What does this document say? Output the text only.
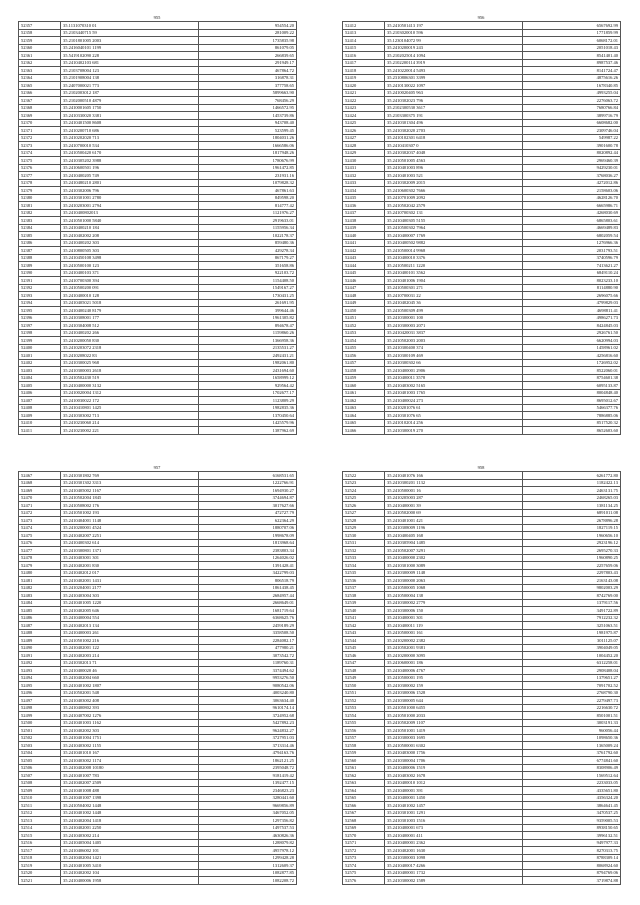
955
52357	35.1131070310 01	954554.20
52358	35.2103440715 59	281009.22
52359	35.2101801005 2003	1735835.98
52360	35.2416040101 1199	861079.05
52361	35.5419102090 228	266839.65
52362	35.2410402103 681	291949.17
52363	35.2103708004 123	467864.72
52364	35.2101908004 138	316878.31
52365	35.2407000021 773	377758.65
52366	35.2102003012 187	5899663.90
52367	35.2102000510 4879	768456.29
52368	35.2410001605 1750	1466572.95
52369	35.2410330020 3381	1453739.86
52370	35.2410401500 8608	943708.40
52371	35.2410200710 686	523599.45
52372	35.2410202020 713	1804031.26
52373	35.2410700010 534	1666586.06
52374	35.2410500420 6170	1817948.26
52375	35.2410305202 3988	1780676.99
52376	35.2410600501 196	1961472.85
52377	35.2410400205 749	231931.16
52378	35.2410480210 2801	1079828.32
52379	35.2410302006 796	467861.63
52380	35.2410301001 2780	849598.20
52381	35.2410203001 2794	814777.42
52382	35.2410400802013	1121976.27
52383	35.2410501000 5840	2919633.01
52384	35.2410400210 184	1155956.34
52385	35.2410402002 208	1022178.37
52386	35.2410400202 303	859480.36
52387	35.2410800505 303	429278.34
52388	35.2410450108 3498	867179.27
52389	35.2410500100 123	351658.86
52390	35.2410400103 371	922103.72
52391	35.2410700300 394	1154408.50
52392	35.2410500200 091	1549167.27
52393	35.2410400010 128	1730431.25
52394	35.2410405021 5018	261691.95
52395	35.2410400240 8179	399644.46
52396	35.2410308001 177	1961305.82
52397	35.2410304008 512	894678.47
52398	35.2410400202 266	1159860.26
52399	35.2410200050 830	1366958.36
52400	35.2410203072 2318	2135531.27
52401	35.2410208022 83	2492431.21
52402	35.2410300025 968	1982061.80
52403	35.2410300003 2618	2431694.60
52404	35.2410502430 519	1658999.12
52405	35.2410400000 3132	929564.42
52406	35.2410020004 1312	1702677.17
52407	35.2410030022 172	1123809.29
52408	35.2410410801 1425	1982835.36
52409	35.2410303002 713	1370450.64
52410	35.2410230060 214	1425579.96
52411	35.2410230002 221	1387962.69
956
52412	35.2410501413 197	6567692.99
52413	35.2103020010 596	1771859.99
52414	35.1230104072 99	6068172.01
52415	35.2410200019 243	2051018.43
52416	35.2102025014 1094	8541401.40
52417	35.2102200114 3919	8987537.46
52418	35.2410220014 5493	8141724.47
52419	35.2310806301 3399	4875616.26
52420	35.2410130022 1097	1678340.85
52421	35.2410020405 963	4993255.04
52422	35.2410302023 796	2276063.72
52423	35.2102300530 3617	7680766.84
52424	35.2103300375 191	3899716.79
52425	35.2410301304 496	6608682.00
52426	35.2410302020 2703	2309746.04
52427	35.2410102301 6418	549987.22
52428	35.2410410307 0	3901600.78
52429	35.2410302037 4048	8020892.44
52430	35.2410501005 4563	2969460.39
52431	35.2410401003 896	9429230.01
52432	35.2410401003 521	3768036.27
52433	35.2410302009 2015	4272012.86
52434	35.2410600302 7666	2158603.06
52435	35.2410701009 2092	4628126.70
52436	35.2410502042 2579	6665986.71
52437	35.2410700302 131	4268030.69
52438	35.2410400305 5155	6865803.61
52439	35.2410500302 7964	4669489.83
52440	35.2410400007 1769	6802059.54
52441	35.2410400502 9882	1276966.36
52442	35.2410500014 9968	2031793.51
52443	35.2410400010 3376	3740596.79
52444	35.2410500211 1220	7413621.27
52445	35.2410400101 3562	6849110.24
52446	35.2410401006 1904	8023233.10
52447	35.2410500301 271	8114880.90
52448	35.2410700031 22	2696075.66
52449	35.2410402045 36	4799829.03
52450	35.2410500309 499	4698811.41
52451	35.2410300001 100	4986271.73
52452	35.2410300003 2071	8424845.03
52453	35.2410420031 3837	2926761.50
52454	35.2410502003 2003	6620994.03
52455	35.2410300400 374	1458961.02
52456	35.2410300109 469	4256816.60
52457	35.2410300302 66	1726952.02
52458	35.2410400001 2906	8522060.01
52459	35.2410400011 3578	8754601.38
52460	35.2410403002 5165	6095133.87
52461	35.2410401003 1765	8004848.40
52462	35.2410400024 273	8695012.67
52463	35.2410201076 61	5466377.76
52464	35.2410301076 65	7886885.06
52465	35.2410102014 256	8517520.32
52466	35.2410300019 270	8652603.60
957
52467	35.2410301802 769	6168531.65
52468	35.2410301302 3313	1222766.91
52469	35.2410405002 1167	1694930.27
52470	35.2410502004 1845	3744694.87
52471	35.2410508002 176	3017627.66
52472	35.2410501002 193	472727.79
52473	35.2410404001 1148	622364.29
52474	35.2410200001 4524	1880707.06
52475	35.2410402007 2251	1998678.09
52476	35.2410400302 614	1813968.64
52477	35.2410300801 1371	2383803.34
52478	35.2410403001 301	1264026.02
52479	35.2410402001 830	1391428.41
52480	35.2410402012 017	3422799.03
52481	35.2410402001 1431	806518.79
52482	35.2410204001 2177	1861438.45
52483	35.2410403004 303	2684957.44
52484	35.2410401005 1220	2668649.01
52485	35.2410402005 646	1681719.64
52486	35.2410400004 554	6368625.76
52487	35.2410402013 134	2459189.29
52488	35.2410400003 261	3358508.50
52489	35.2410501002 216	2284082.17
52490	35.2410402001 122	477980.21
52491	35.2410402003 214	3073542.72
52492	35.2410302013 71	1189760.31
52493	35.2410400020 46	3374494.62
52494	35.2410402004 660	9953276.50
52495	35.2410401002 1807	9080542.06
52496	35.2410502001 548	4003240.80
52497	35.2410403002 408	3063634.40
52498	35.2410400802 393	9610174.14
52499	35.2410407002 1276	3724952.68
52500	35.2410401003 1162	5427892.23
52501	35.2410402002 303	9624832.27
52502	35.2410401004 1751	3727951.03
52503	35.2410403002 1155	3713314.46
52504	35.2410401010 167	4794163.76
52505	35.2410403002 1174	1862121.25
52506	35.2410402008 10180	2395048.72
52507	35.2410401007 783	9181419.42
52508	35.2410402007 2509	1392477.15
52509	35.2410401008 488	2346823.23
52510	35.2410401007 1398	3280441.60
52511	35.2410504002 1448	9669856.89
52512	35.2410401002 1448	3467052.05
52513	35.2410402004 1418	1297356.82
52514	35.2410402001 2250	1497537.53
52515	35.2410403002 214	4630826.36
52516	35.2410405004 1405	1288079.82
52517	35.2410406002 101	4957978.12
52518	35.2410402004 1421	1299428.28
52519	35.2410401005 3410	1312609.37
52520	35.2410402002 104	1082877.85
52521	35.2410400006 1958	1082208.72
958
52522	35.2410401076 166	6261772.80
52523	35.2410300201 1132	1182422.13
52524	35.2410500001 16	2463131.75
52525	35.2410205003 287	2468265.03
52526	35.2410400001 39	1381134.25
52527	35.2410502000 69	6891011.08
52528	35.2410401001 421	2678896.28
52529	35.2410308009 1196	1827119.15
52530	35.2410400405 168	1960656.10
52531	35.2410305904 1485	2923196.12
52532	35.2410502007 3291	2695270.33
52533	35.2410400000 2302	1960890.25
52534	35.2410301000 3089	2257659.06
52535	35.2410300009 1148	2297803.43
52536	35.2410300000 2063	2163143.08
52537	35.2410500005 1068	9802003.29
52538	35.2410500004 138	8742769.00
52539	35.2410300002 2779	1379117.56
52540	35.2410300006 150	3491722.89
52541	35.2410400001 301	7912232.32
52542	35.2410400011 119	3251063.51
52543	35.2410500001 161	1981975.87
52544	35.2410200002 2382	3011125.07
52545	35.2410502001 9381	3904049.05
52546	35.2410200000 3095	1004452.20
52547	35.2410600001 186	6312258.01
52548	35.2410400006 4767	2908408.04
52549	35.2410500001 195	1379651.27
52550	35.2410300002 159	7091702.52
52551	35.2410300006 1528	2768790.30
52552	35.2410300005 644	2279497.73
52553	35.2410501000 6455	2216630.72
52554	35.2410501000 2033	8501001.51
52555	35.2410502009 1107	3003191.33
52556	35.2410501001 1419	960056.44
52557	35.2410300003 1695	1098650.36
52558	35.2410500001 6302	1365009.24
52559	35.2410403000 1756	3761792.60
52560	35.2410300004 1706	6774841.60
52561	35.2410400006 1519	8308906.49
52562	35.2410403002 1678	1569512.64
52563	35.2410400010 1012	2233033.05
52564	35.2410400001 391	4335651.80
52565	35.2410400001 1450	4356324.20
52566	35.2410401002 1457	3864641.45
52567	35.2410301001 1291	3470537.25
52568	35.2410301003 1516	9359005.53
52569	35.2410400001 673	8938150.65
52570	35.2410400001 411	3996132.51
52571	35.2410400001 2362	9497977.33
52572	35.2410402001 1630	8270313.75
52573	35.2410300003 1098	8788309.14
52574	35.2410400017 4266	8068924.60
52575	35.2410400001 1732	8794769.06
52576	35.2410300002 1589	3719874.88
